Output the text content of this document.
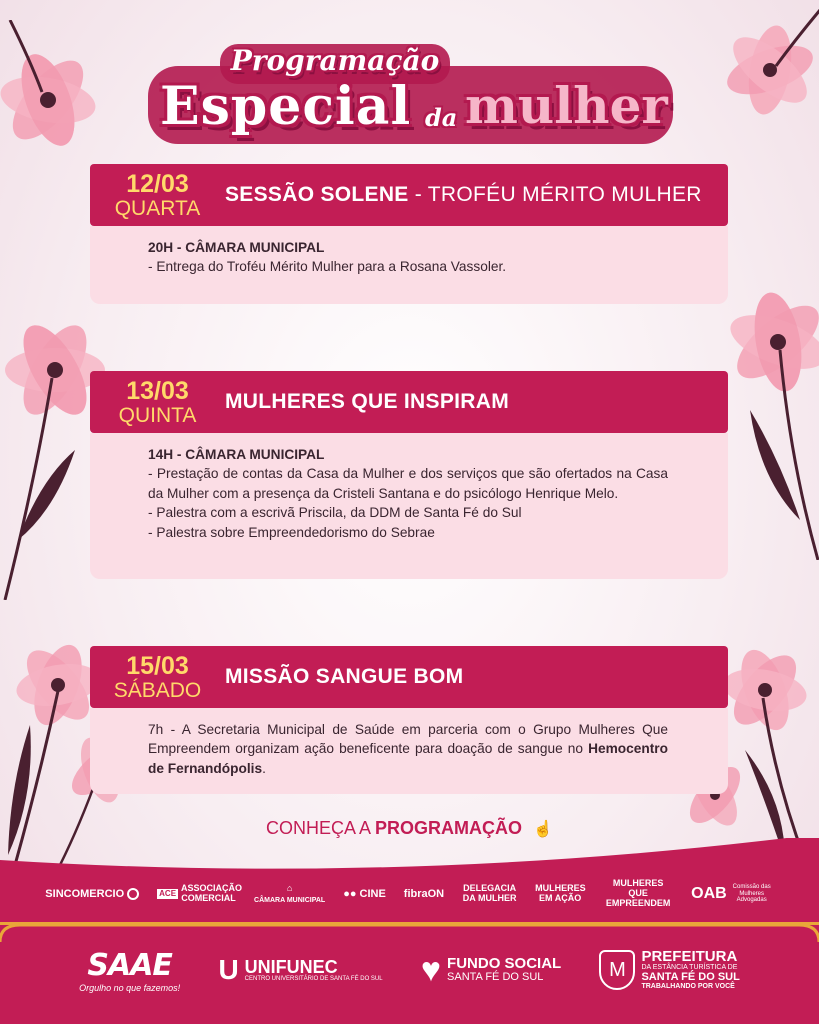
Programação
Especial da mulher
12/03
QUARTA
SESSÃO SOLENE - TROFÉU MÉRITO MULHER
20H - CÂMARA MUNICIPAL

- Entrega do Troféu Mérito Mulher para a Rosana Vassoler.

13/03
QUINTA
MULHERES QUE INSPIRAM
14H - CÂMARA MUNICIPAL

- Prestação de contas da Casa da Mulher e dos serviços que são ofertados na Casa da Mulher com a presença da Cristeli Santana e do psicólogo Henrique Melo.

- Palestra com a escrivã Priscila, da DDM de Santa Fé do Sul

- Palestra sobre Empreendedorismo do Sebrae

15/03
SÁBADO
MISSÃO SANGUE BOM

7h - A Secretaria Municipal de Saúde em parceria com o Grupo Mulheres Que Empreendem organizam ação beneficente para doação de sangue no Hemocentro de Fernandópolis.

CONHEÇA A PROGRAMAÇÃO ☝
SINCOMERCIO	ACE ASSOCIAÇÃO COMERCIAL
⌂
CÂMARA MUNICIPAL
●● CINE fibraON DELEGACIA DA MULHER
MULHERES EM AÇÃO
MULHERES QUE EMPREENDEM
OAB Comissão das Mulheres Advogadas
SAAE
Orgulho no que fazemos!
U UNIFUNEC
CENTRO UNIVERSITÁRIO DE SANTA FÉ DO SUL ♥ FUNDO SOCIAL
SANTA FÉ DO SUL	M
PREFEITURA
DA ESTÂNCIA TURÍSTICA DE
SANTA FÉ DO SUL
TRABALHANDO POR VOCÊ
